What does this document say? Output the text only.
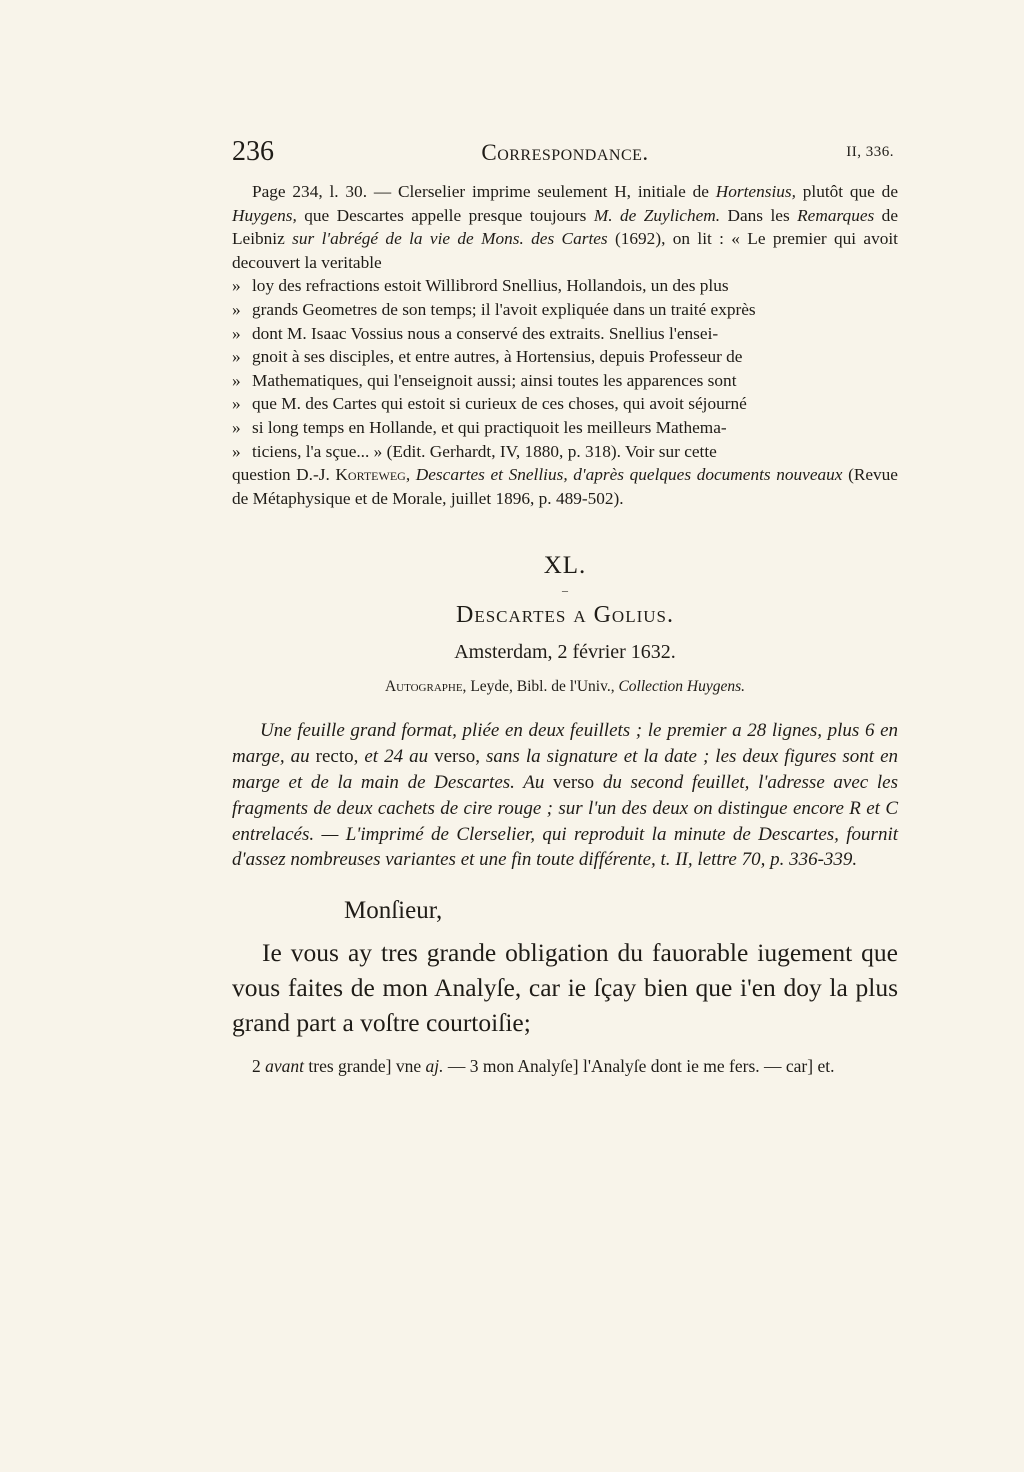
236	Correspondance.	II, 336.

Page 234, l. 30. — Clerselier imprime seulement H, initiale de Hortensius, plutôt que de Huygens, que Descartes appelle presque toujours M. de Zuylichem. Dans les Remarques de Leibniz sur l'abrégé de la vie de Mons. des Cartes (1692), on lit : « Le premier qui avoit decouvert la veritable

» loy des refractions estoit Willibrord Snellius, Hollandois, un des plus

» grands Geometres de son temps; il l'avoit expliquée dans un traité exprès

» dont M. Isaac Vossius nous a conservé des extraits. Snellius l'ensei-

» gnoit à ses disciples, et entre autres, à Hortensius, depuis Professeur de

» Mathematiques, qui l'enseignoit aussi; ainsi toutes les apparences sont

» que M. des Cartes qui estoit si curieux de ces choses, qui avoit séjourné

» si long temps en Hollande, et qui practiquoit les meilleurs Mathema-

» ticiens, l'a sçue... » (Edit. Gerhardt, IV, 1880, p. 318). Voir sur cette

question D.-J. Korteweg, Descartes et Snellius, d'après quelques documents nouveaux (Revue de Métaphysique et de Morale, juillet 1896, p. 489-502).

XL.
–
Descartes a Golius.
Amsterdam, 2 février 1632.
Autographe, Leyde, Bibl. de l'Univ., Collection Huygens.

Une feuille grand format, pliée en deux feuillets ; le premier a 28 lignes, plus 6 en marge, au recto, et 24 au verso, sans la signature et la date ; les deux figures sont en marge et de la main de Descartes. Au verso du second feuillet, l'adresse avec les fragments de deux cachets de cire rouge ; sur l'un des deux on distingue encore R et C entrelacés. — L'imprimé de Clerselier, qui reproduit la minute de Descartes, fournit d'assez nombreuses variantes et une fin toute différente, t. II, lettre 70, p. 336-339.

Monſieur,

Ie vous ay tres grande obligation du fauorable iugement que vous faites de mon Analyſe, car ie ſçay bien que i'en doy la plus grand part a voſtre courtoiſie;

2 avant tres grande] vne aj. — 3 mon Analyſe] l'Analyſe dont ie me fers. — car] et.
